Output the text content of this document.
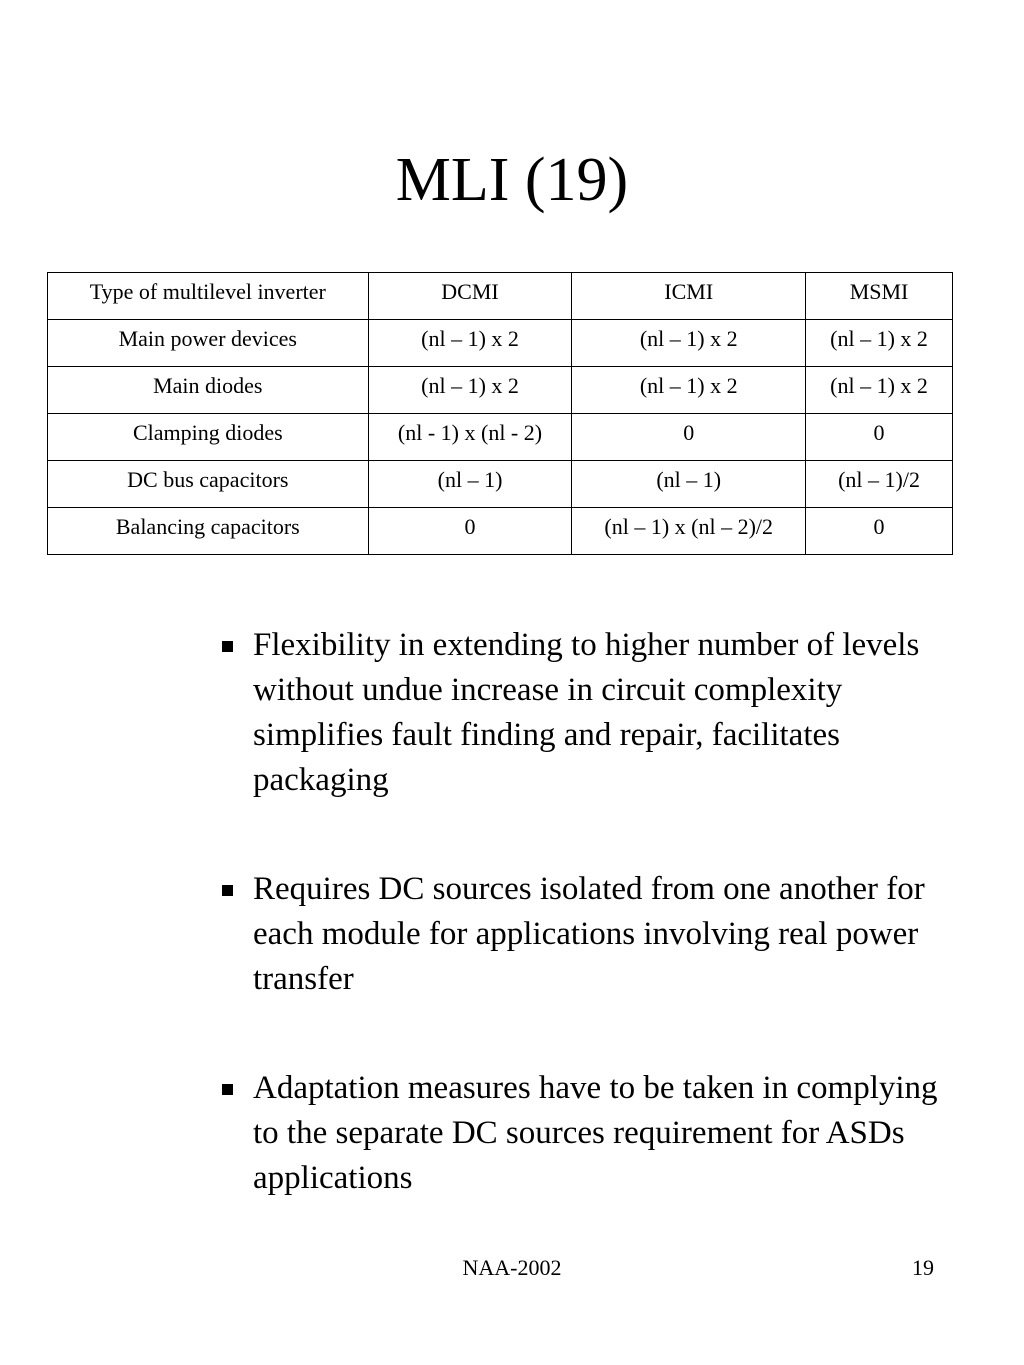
MLI (19)
Type of multilevel inverter	DCMI	ICMI	MSMI
Main power devices	(nl – 1) x 2	(nl – 1) x 2	(nl – 1) x 2
Main diodes	(nl – 1) x 2	(nl – 1) x 2	(nl – 1) x 2
Clamping diodes	(nl - 1) x (nl - 2)	0	0
DC bus capacitors	(nl – 1)	(nl – 1)	(nl – 1)/2
Balancing capacitors	0	(nl – 1) x (nl – 2)/2	0
Flexibility in extending to higher number of levels without undue increase in circuit complexity simplifies fault finding and repair, facilitates packaging
Requires DC sources isolated from one another for each module for applications involving real power transfer
Adaptation measures have to be taken in complying to the separate DC sources requirement for ASDs applications
NAA-2002	19
